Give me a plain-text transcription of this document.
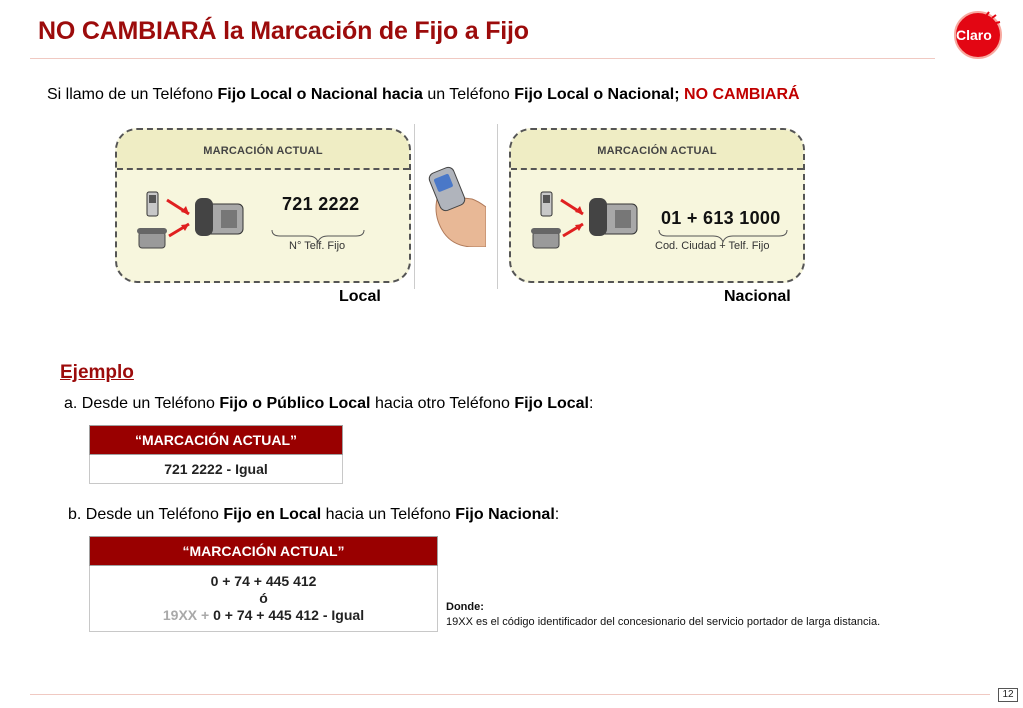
NO CAMBIARÁ la Marcación de Fijo a Fijo	Claro
Si llamo de un Teléfono Fijo Local o Nacional hacia un Teléfono Fijo Local o Nacional; NO CAMBIARÁ
MARCACIÓN ACTUAL
721 2222
N° Telf. Fijo
MARCACIÓN ACTUAL
01 + 613 1000
Cod. Ciudad + Telf. Fijo
Local	Nacional
Ejemplo
a. Desde un Teléfono Fijo o Público Local hacia otro Teléfono Fijo Local:
“MARCACIÓN ACTUAL”
721 2222 - Igual
b. Desde un Teléfono Fijo en Local hacia un Teléfono Fijo Nacional:
“MARCACIÓN ACTUAL”

0 + 74 + 445 412
ó
19XX + 0 + 74 + 445 412 - Igual	Donde:
19XX es el código identificador del concesionario del servicio portador de larga distancia.
12
